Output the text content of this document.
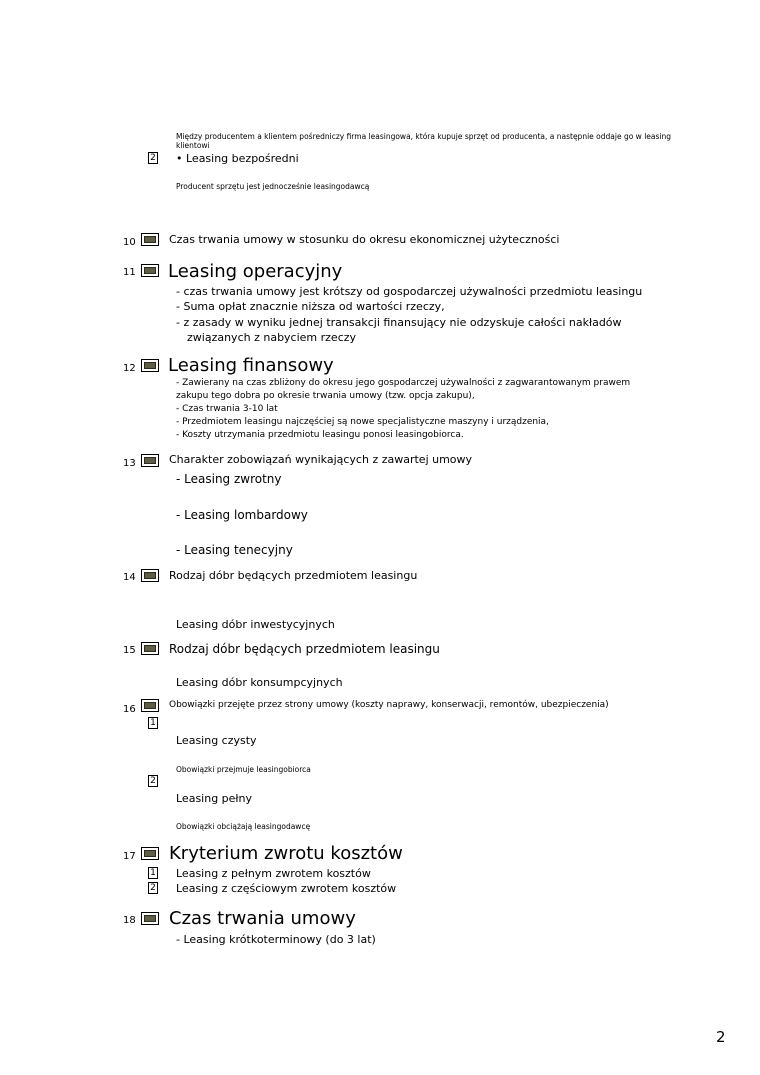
Między producentem a klientem pośredniczy firma leasingowa, która kupuje sprzęt od producenta, a następnie oddaje go w leasing
klientowi
2 • Leasing bezpośredni
Producent sprzętu jest jednocześnie leasingodawcą
10	Czas trwania umowy w stosunku do okresu ekonomicznej użyteczności
11 Leasing operacyjny
- czas trwania umowy jest krótszy od gospodarczej używalności przedmiotu leasingu
- Suma opłat znacznie niższa od wartości rzeczy,
- z zasady w wyniku jednej transakcji finansujący nie odzyskuje całości nakładów
związanych z nabyciem rzeczy
12 Leasing finansowy
- Zawierany na czas zbliżony do okresu jego gospodarczej używalności z zagwarantowanym prawem
zakupu tego dobra po okresie trwania umowy (tzw. opcja zakupu),
- Czas trwania 3-10 lat
- Przedmiotem leasingu najczęściej są nowe specjalistyczne maszyny i urządzenia,
- Koszty utrzymania przedmiotu leasingu ponosi leasingobiorca.
13	Charakter zobowiązań wynikających z zawartej umowy
- Leasing zwrotny
- Leasing lombardowy
- Leasing tenecyjny
14	Rodzaj dóbr będących przedmiotem leasingu
Leasing dóbr inwestycyjnych
15	Rodzaj dóbr będących przedmiotem leasingu
Leasing dóbr konsumpcyjnych
16	Obowiązki przejęte przez strony umowy (koszty naprawy, konserwacji, remontów, ubezpieczenia)
1
Leasing czysty
Obowiązki przejmuje leasingobiorca
2
Leasing pełny
Obowiązki obciążają leasingodawcę
17 Kryterium zwrotu kosztów
1 Leasing z pełnym zwrotem kosztów
2 Leasing z częściowym zwrotem kosztów
18 Czas trwania umowy
- Leasing krótkoterminowy (do 3 lat)
2
